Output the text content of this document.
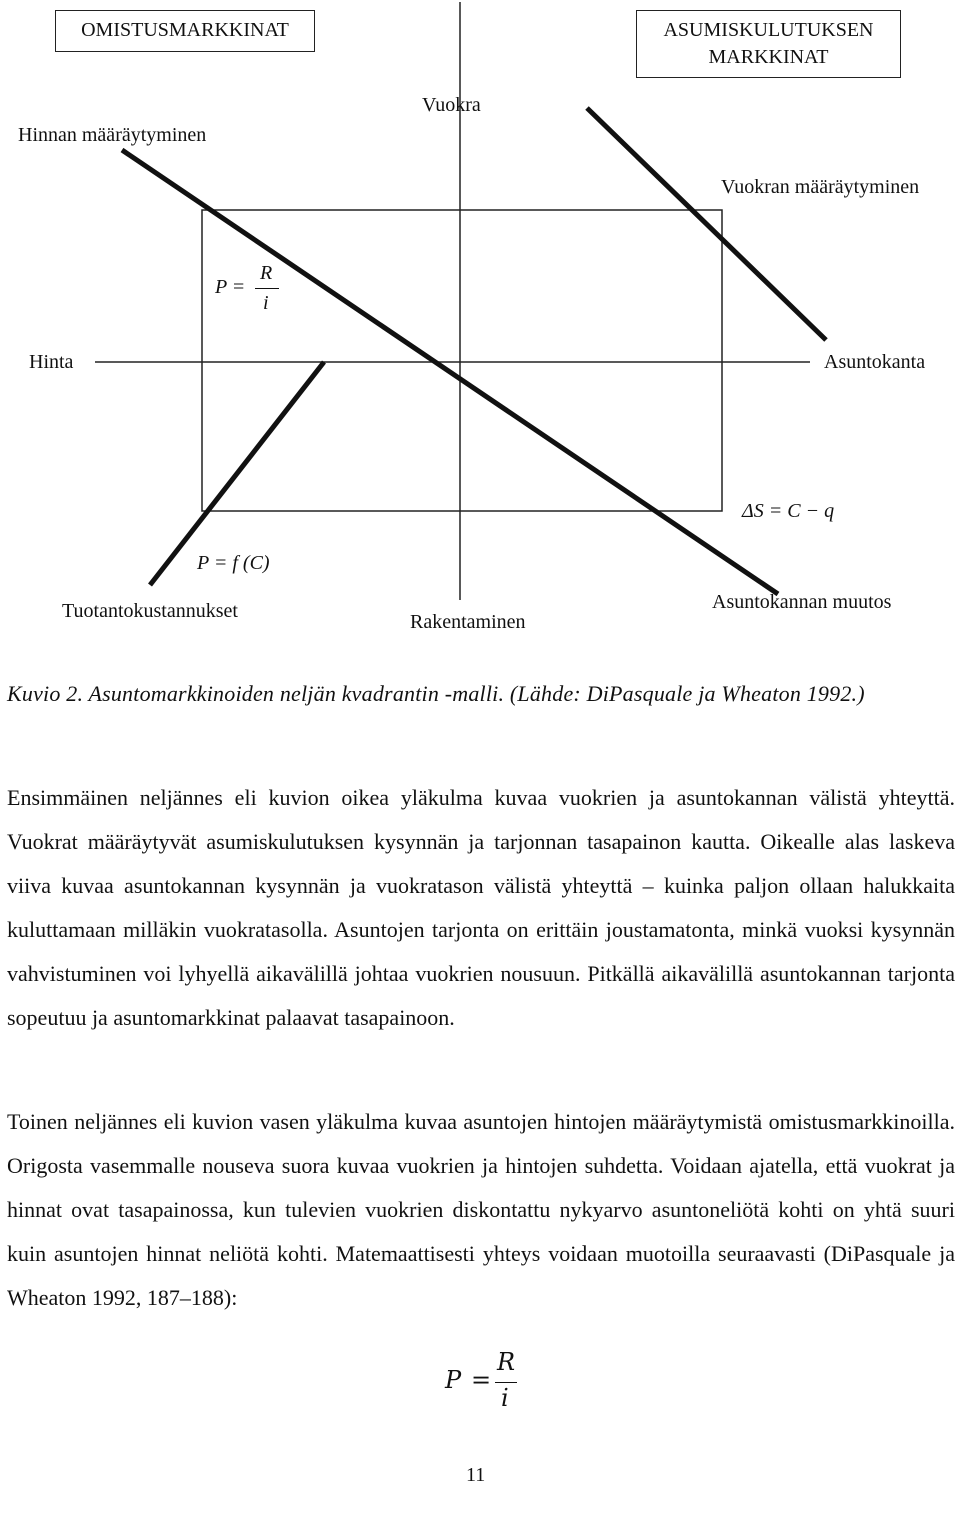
OMISTUSMARKKINAT	ASUMISKULUTUKSEN MARKKINAT
Vuokra
Hinnan määräytyminen
Vuokran määräytyminen
P =
R
i
Hinta	Asuntokanta
ΔS = C − q
P = f (C)
Tuotantokustannukset	Rakentaminen
Asuntokannan muutos

Kuvio 2. Asuntomarkkinoiden neljän kvadrantin -malli. (Lähde: DiPasquale ja Wheaton 1992.)

Ensimmäinen neljännes eli kuvion oikea yläkulma kuvaa vuokrien ja asuntokannan välistä yhteyttä. Vuokrat määräytyvät asumiskulutuksen kysynnän ja tarjonnan tasapainon kautta. Oikealle alas laskeva viiva kuvaa asuntokannan kysynnän ja vuokratason välistä yhteyttä – kuinka paljon ollaan halukkaita kuluttamaan milläkin vuokratasolla. Asuntojen tarjonta on erittäin joustamatonta, minkä vuoksi kysynnän vahvistuminen voi lyhyellä aikavälillä johtaa vuokrien nousuun. Pitkällä aikavälillä asuntokannan tarjonta sopeutuu ja asuntomarkkinat palaavat tasapainoon.

Toinen neljännes eli kuvion vasen yläkulma kuvaa asuntojen hintojen määräytymistä omistusmarkkinoilla. Origosta vasemmalle nouseva suora kuvaa vuokrien ja hintojen suhdetta. Voidaan ajatella, että vuokrat ja hinnat ovat tasapainossa, kun tulevien vuokrien diskontattu nykyarvo asuntoneliötä kohti on yhtä suuri kuin asuntojen hinnat neliötä kohti. Matemaattisesti yhteys voidaan muotoilla seuraavasti (DiPasquale ja Wheaton 1992, 187–188):

P =
R
i
11
